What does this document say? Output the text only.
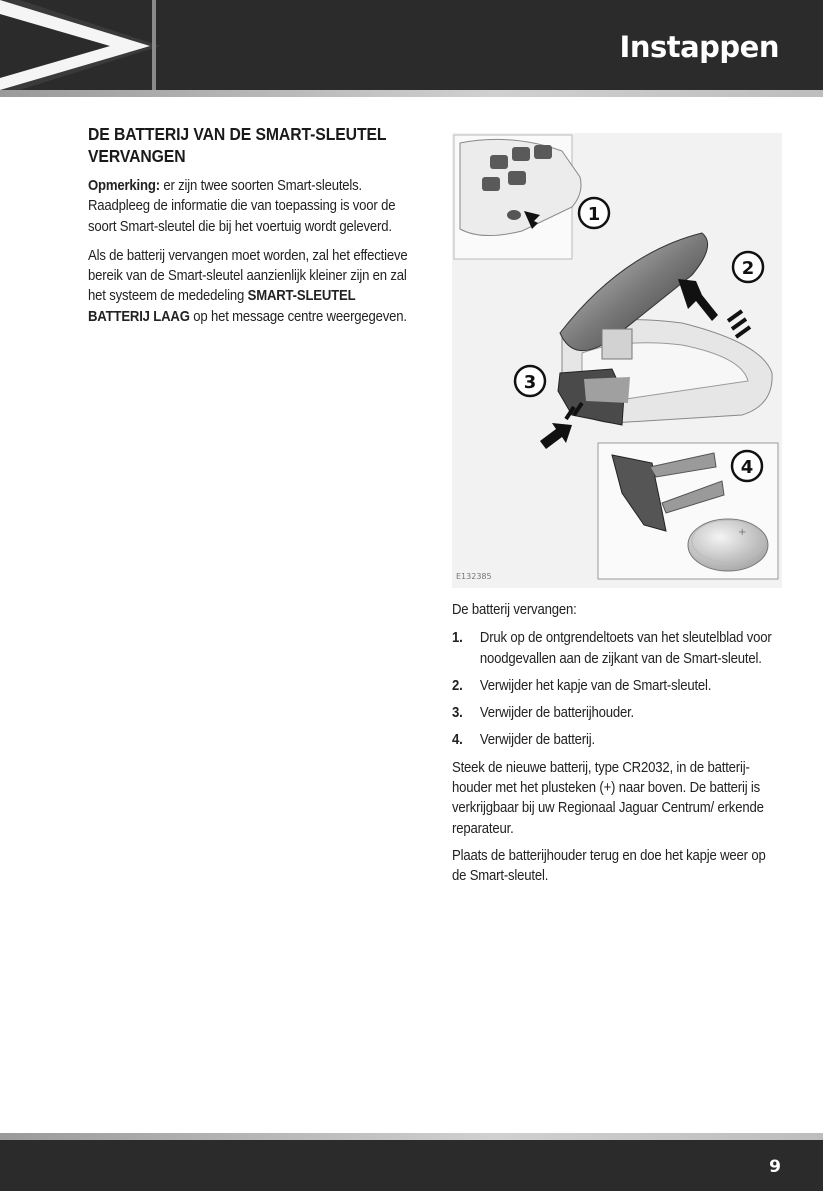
Instappen
DE BATTERIJ VAN DE SMART-SLEUTEL VERVANGEN

Opmerking: er zijn twee soorten Smart-sleutels. Raadpleeg de informatie die van toepassing is voor de soort Smart-sleutel die bij het voertuig wordt geleverd.

Als de batterij vervangen moet worden, zal het effectieve bereik van de Smart-sleutel aanzienlijk kleiner zijn en zal het systeem de mededeling SMART-SLEUTEL BATTERIJ LAAG op het message centre weergegeven.

+
1
2
3
4
E132385

De batterij vervangen:

1. Druk op de ontgrendeltoets van het sleutelblad voor noodgevallen aan de zijkant van de Smart-sleutel.
2. Verwijder het kapje van de Smart-sleutel.
3. Verwijder de batterijhouder.
4. Verwijder de batterij.

Steek de nieuwe batterij, type CR2032, in de batterij-houder met het plusteken (+) naar boven. De batterij is verkrijgbaar bij uw Regionaal Jaguar Centrum/ erkende reparateur.

Plaats de batterijhouder terug en doe het kapje weer op de Smart-sleutel.

9
